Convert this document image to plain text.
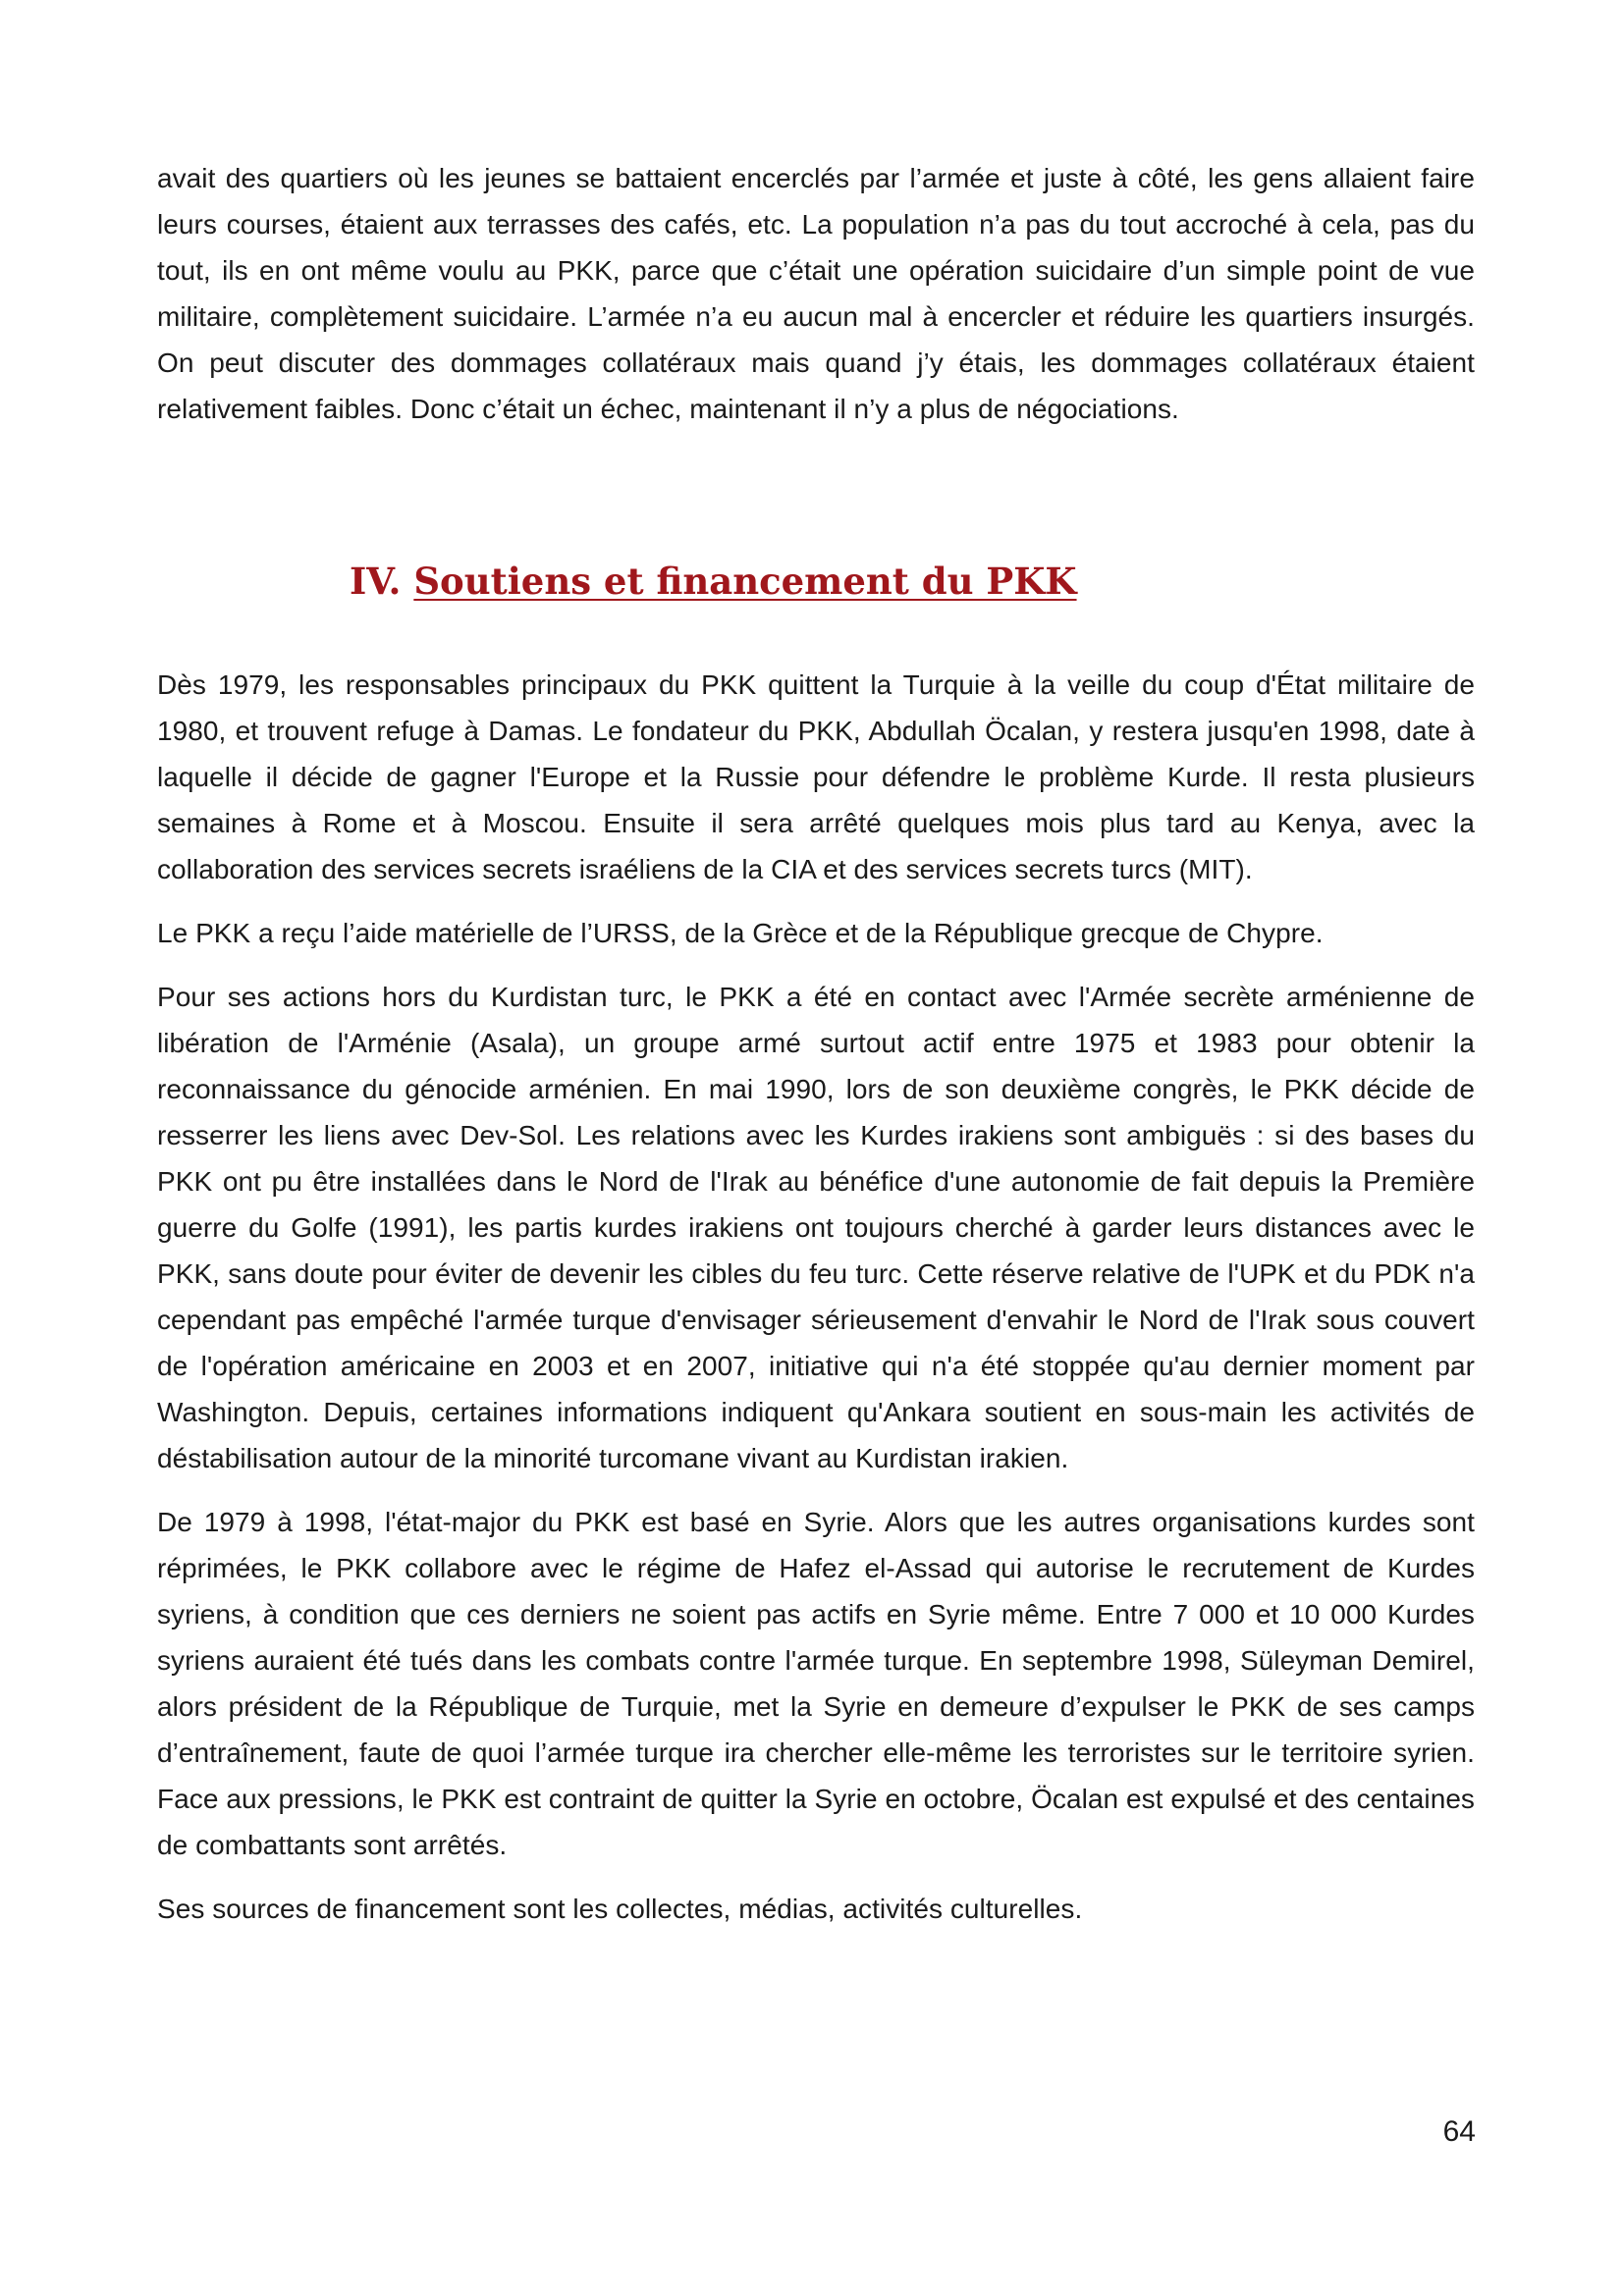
avait des quartiers où les jeunes se battaient encerclés par l’armée et juste à côté, les gens allaient faire leurs courses, étaient aux terrasses des cafés, etc. La population n’a pas du tout accroché à cela, pas du tout, ils en ont même voulu au PKK, parce que c’était une opération suicidaire d’un simple point de vue militaire, complètement suicidaire. L’armée n’a eu aucun mal à encercler et réduire les quartiers insurgés. On peut discuter des dommages collatéraux mais quand j’y étais, les dommages collatéraux étaient relativement faibles. Donc c’était un échec, maintenant il n’y a plus de négociations.

IV. Soutiens et financement du PKK

Dès 1979, les responsables principaux du PKK quittent la Turquie à la veille du coup d'État militaire de 1980, et trouvent refuge à Damas. Le fondateur du PKK, Abdullah Öcalan, y restera jusqu'en 1998, date à laquelle il décide de gagner l'Europe et la Russie pour défendre le problème Kurde. Il resta plusieurs semaines à Rome et à Moscou. Ensuite il sera arrêté quelques mois plus tard au Kenya, avec la collaboration des services secrets israéliens de la CIA et des services secrets turcs (MIT).

Le PKK a reçu l’aide matérielle de l’URSS, de la Grèce et de la République grecque de Chypre.

Pour ses actions hors du Kurdistan turc, le PKK a été en contact avec l'Armée secrète arménienne de libération de l'Arménie (Asala), un groupe armé surtout actif entre 1975 et 1983 pour obtenir la reconnaissance du génocide arménien. En mai 1990, lors de son deuxième congrès, le PKK décide de resserrer les liens avec Dev-Sol. Les relations avec les Kurdes irakiens sont ambiguës : si des bases du PKK ont pu être installées dans le Nord de l'Irak au bénéfice d'une autonomie de fait depuis la Première guerre du Golfe (1991), les partis kurdes irakiens ont toujours cherché à garder leurs distances avec le PKK, sans doute pour éviter de devenir les cibles du feu turc. Cette réserve relative de l'UPK et du PDK n'a cependant pas empêché l'armée turque d'envisager sérieusement d'envahir le Nord de l'Irak sous couvert de l'opération américaine en 2003 et en 2007, initiative qui n'a été stoppée qu'au dernier moment par Washington. Depuis, certaines informations indiquent qu'Ankara soutient en sous-main les activités de déstabilisation autour de la minorité turcomane vivant au Kurdistan irakien.

De 1979 à 1998, l'état-major du PKK est basé en Syrie. Alors que les autres organisations kurdes sont réprimées, le PKK collabore avec le régime de Hafez el-Assad qui autorise le recrutement de Kurdes syriens, à condition que ces derniers ne soient pas actifs en Syrie même. Entre 7 000 et 10 000 Kurdes syriens auraient été tués dans les combats contre l'armée turque. En septembre 1998, Süleyman Demirel, alors président de la République de Turquie, met la Syrie en demeure d’expulser le PKK de ses camps d’entraînement, faute de quoi l’armée turque ira chercher elle-même les terroristes sur le territoire syrien. Face aux pressions, le PKK est contraint de quitter la Syrie en octobre, Öcalan est expulsé et des centaines de combattants sont arrêtés.

Ses sources de financement sont les collectes, médias, activités culturelles.

64
